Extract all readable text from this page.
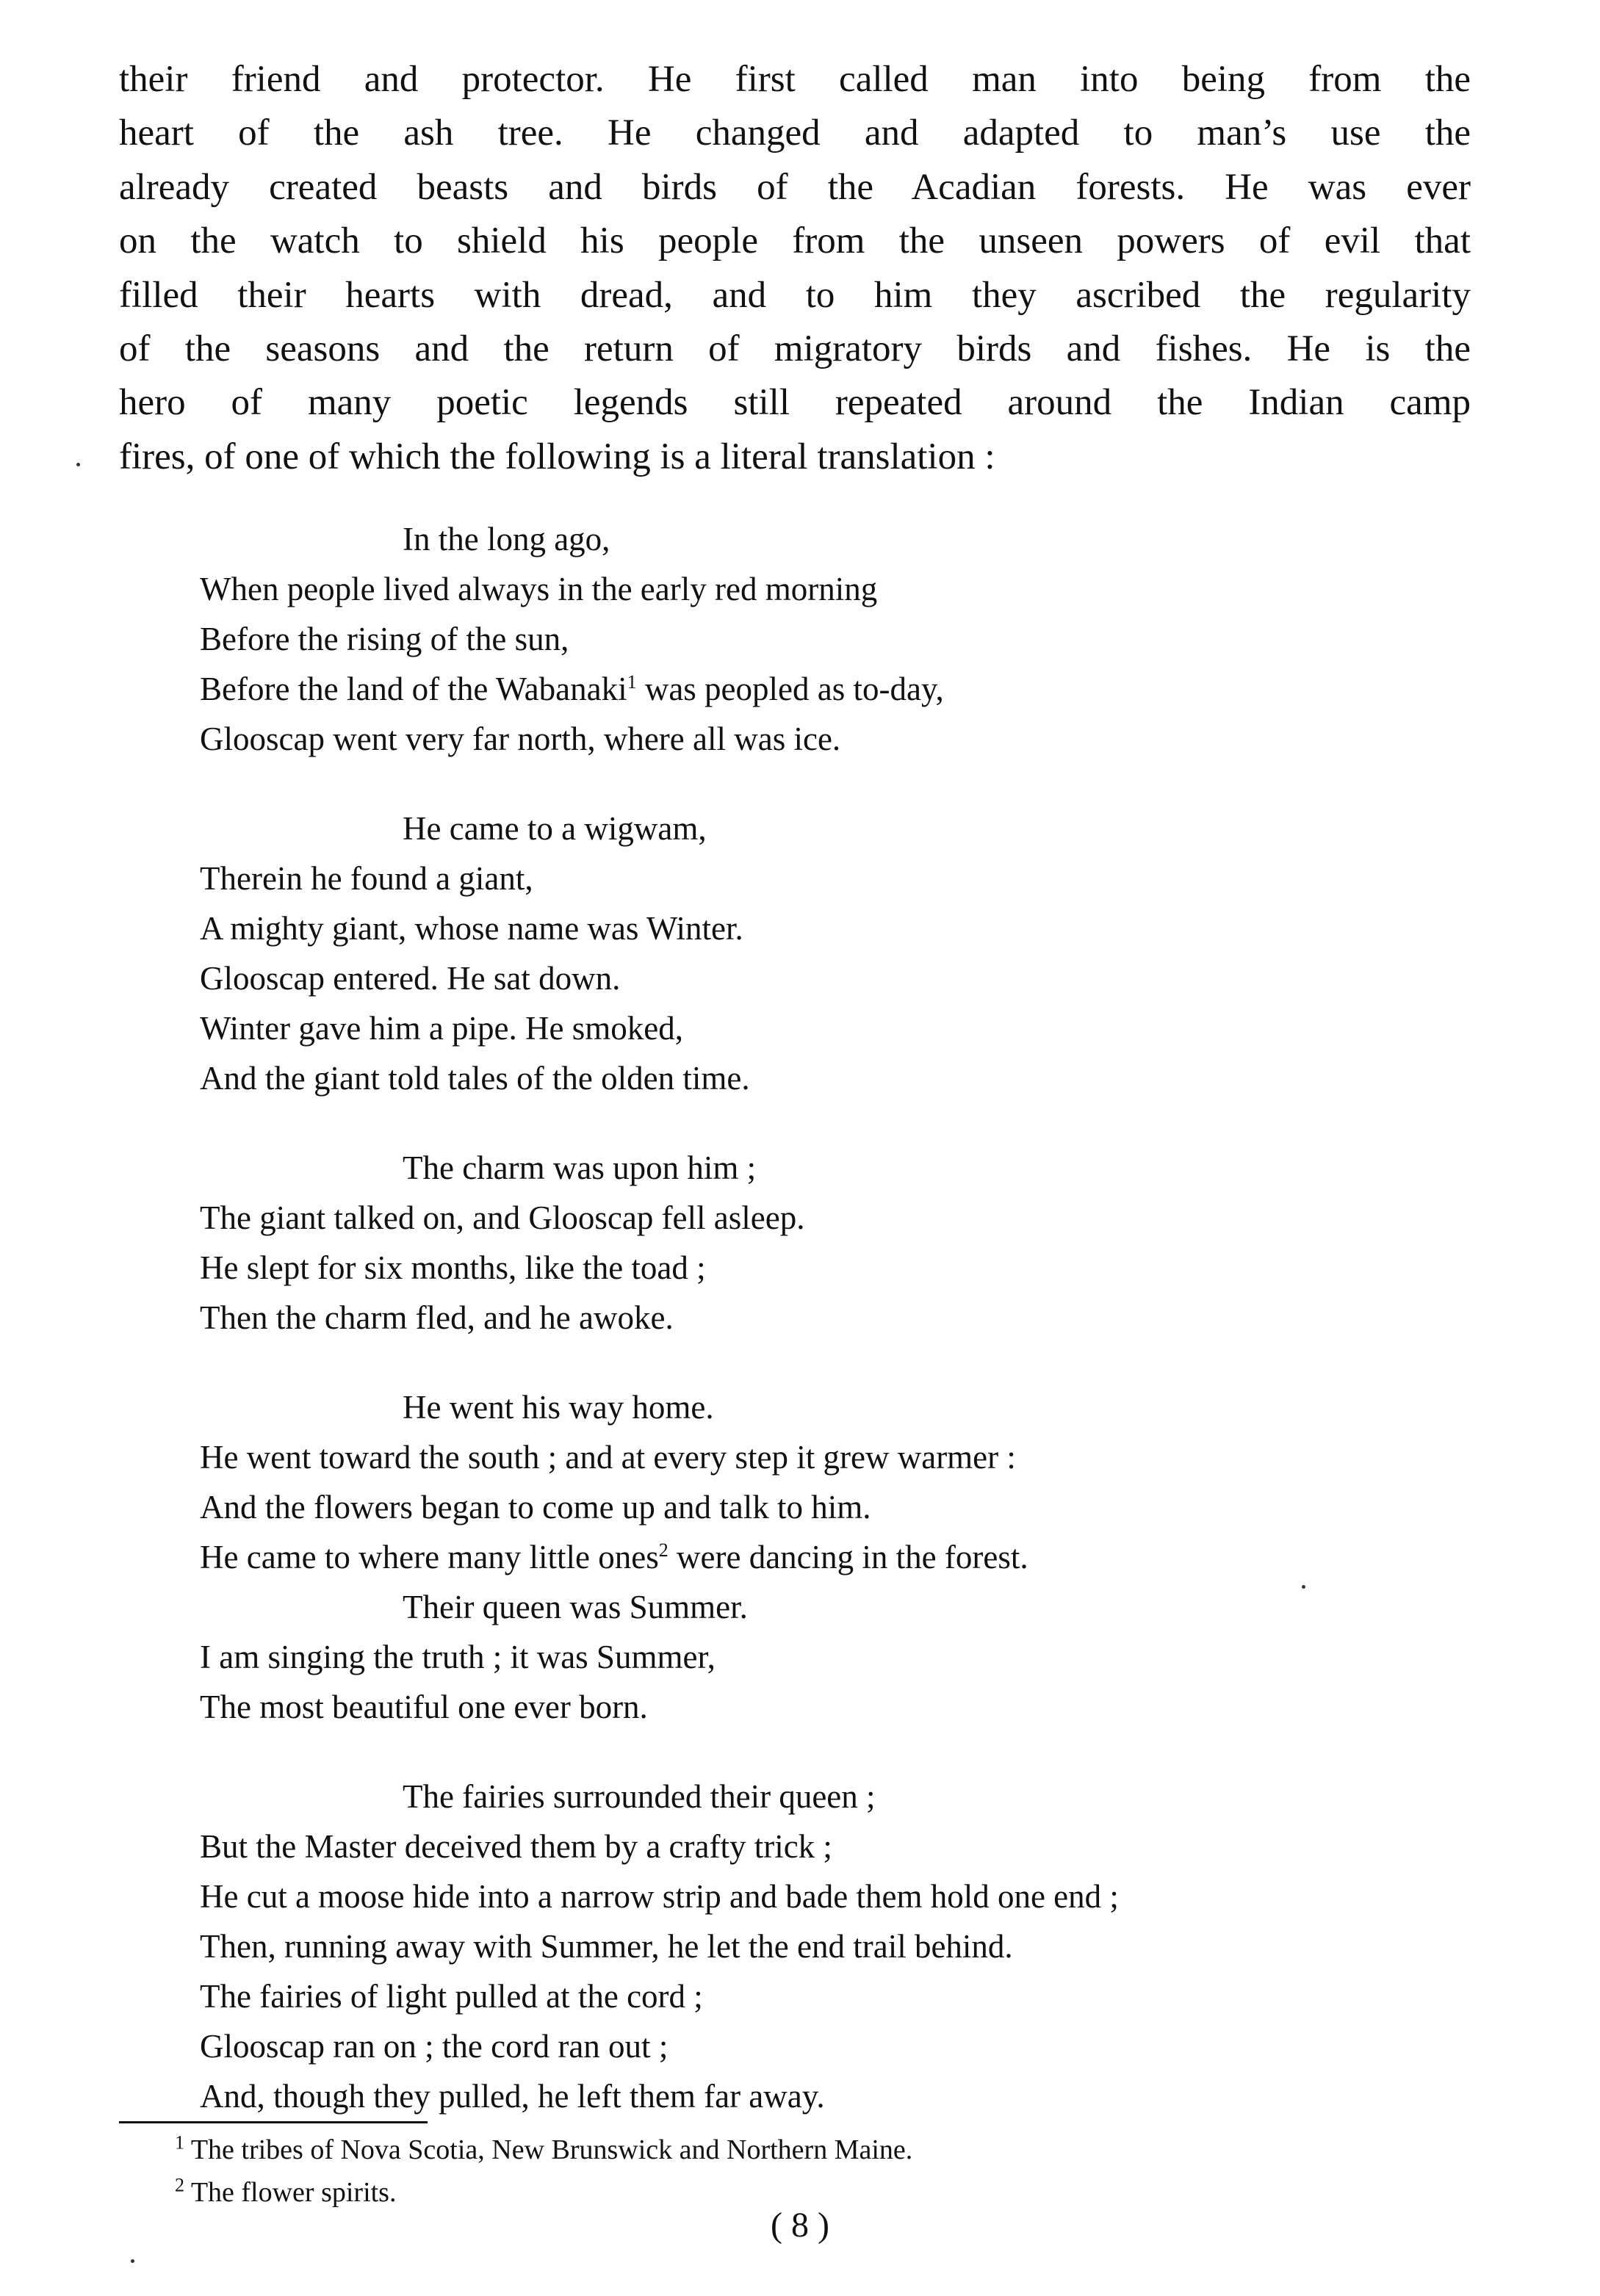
their friend and protector. He first called man into being from the
heart of the ash tree. He changed and adapted to man’s use the
already created beasts and birds of the Acadian forests. He was ever
on the watch to shield his people from the unseen powers of evil that
filled their hearts with dread, and to him they ascribed the regularity
of the seasons and the return of migratory birds and fishes. He is the
hero of many poetic legends still repeated around the Indian camp
fires, of one of which the following is a literal translation :
In the long ago,
When people lived always in the early red morning
Before the rising of the sun,
Before the land of the Wabanaki$^1$ was peopled as to-day,
Glooscap went very far north, where all was ice.
He came to a wigwam,
Therein he found a giant,
A mighty giant, whose name was Winter.
Glooscap entered. He sat down.
Winter gave him a pipe. He smoked,
And the giant told tales of the olden time.
The charm was upon him ;
The giant talked on, and Glooscap fell asleep.
He slept for six months, like the toad ;
Then the charm fled, and he awoke.
He went his way home.
He went toward the south ; and at every step it grew warmer :
And the flowers began to come up and talk to him.
He came to where many little ones$^2$ were dancing in the forest.
Their queen was Summer.
I am singing the truth ; it was Summer,
The most beautiful one ever born.
The fairies surrounded their queen ;
But the Master deceived them by a crafty trick ;
He cut a moose hide into a narrow strip and bade them hold one end ;
Then, running away with Summer, he let the end trail behind.
The fairies of light pulled at the cord ;
Glooscap ran on ; the cord ran out ;
And, though they pulled, he left them far away.
$^1$ The tribes of Nova Scotia, New Brunswick and Northern Maine.
$^2$ The flower spirits.
( 8 )
